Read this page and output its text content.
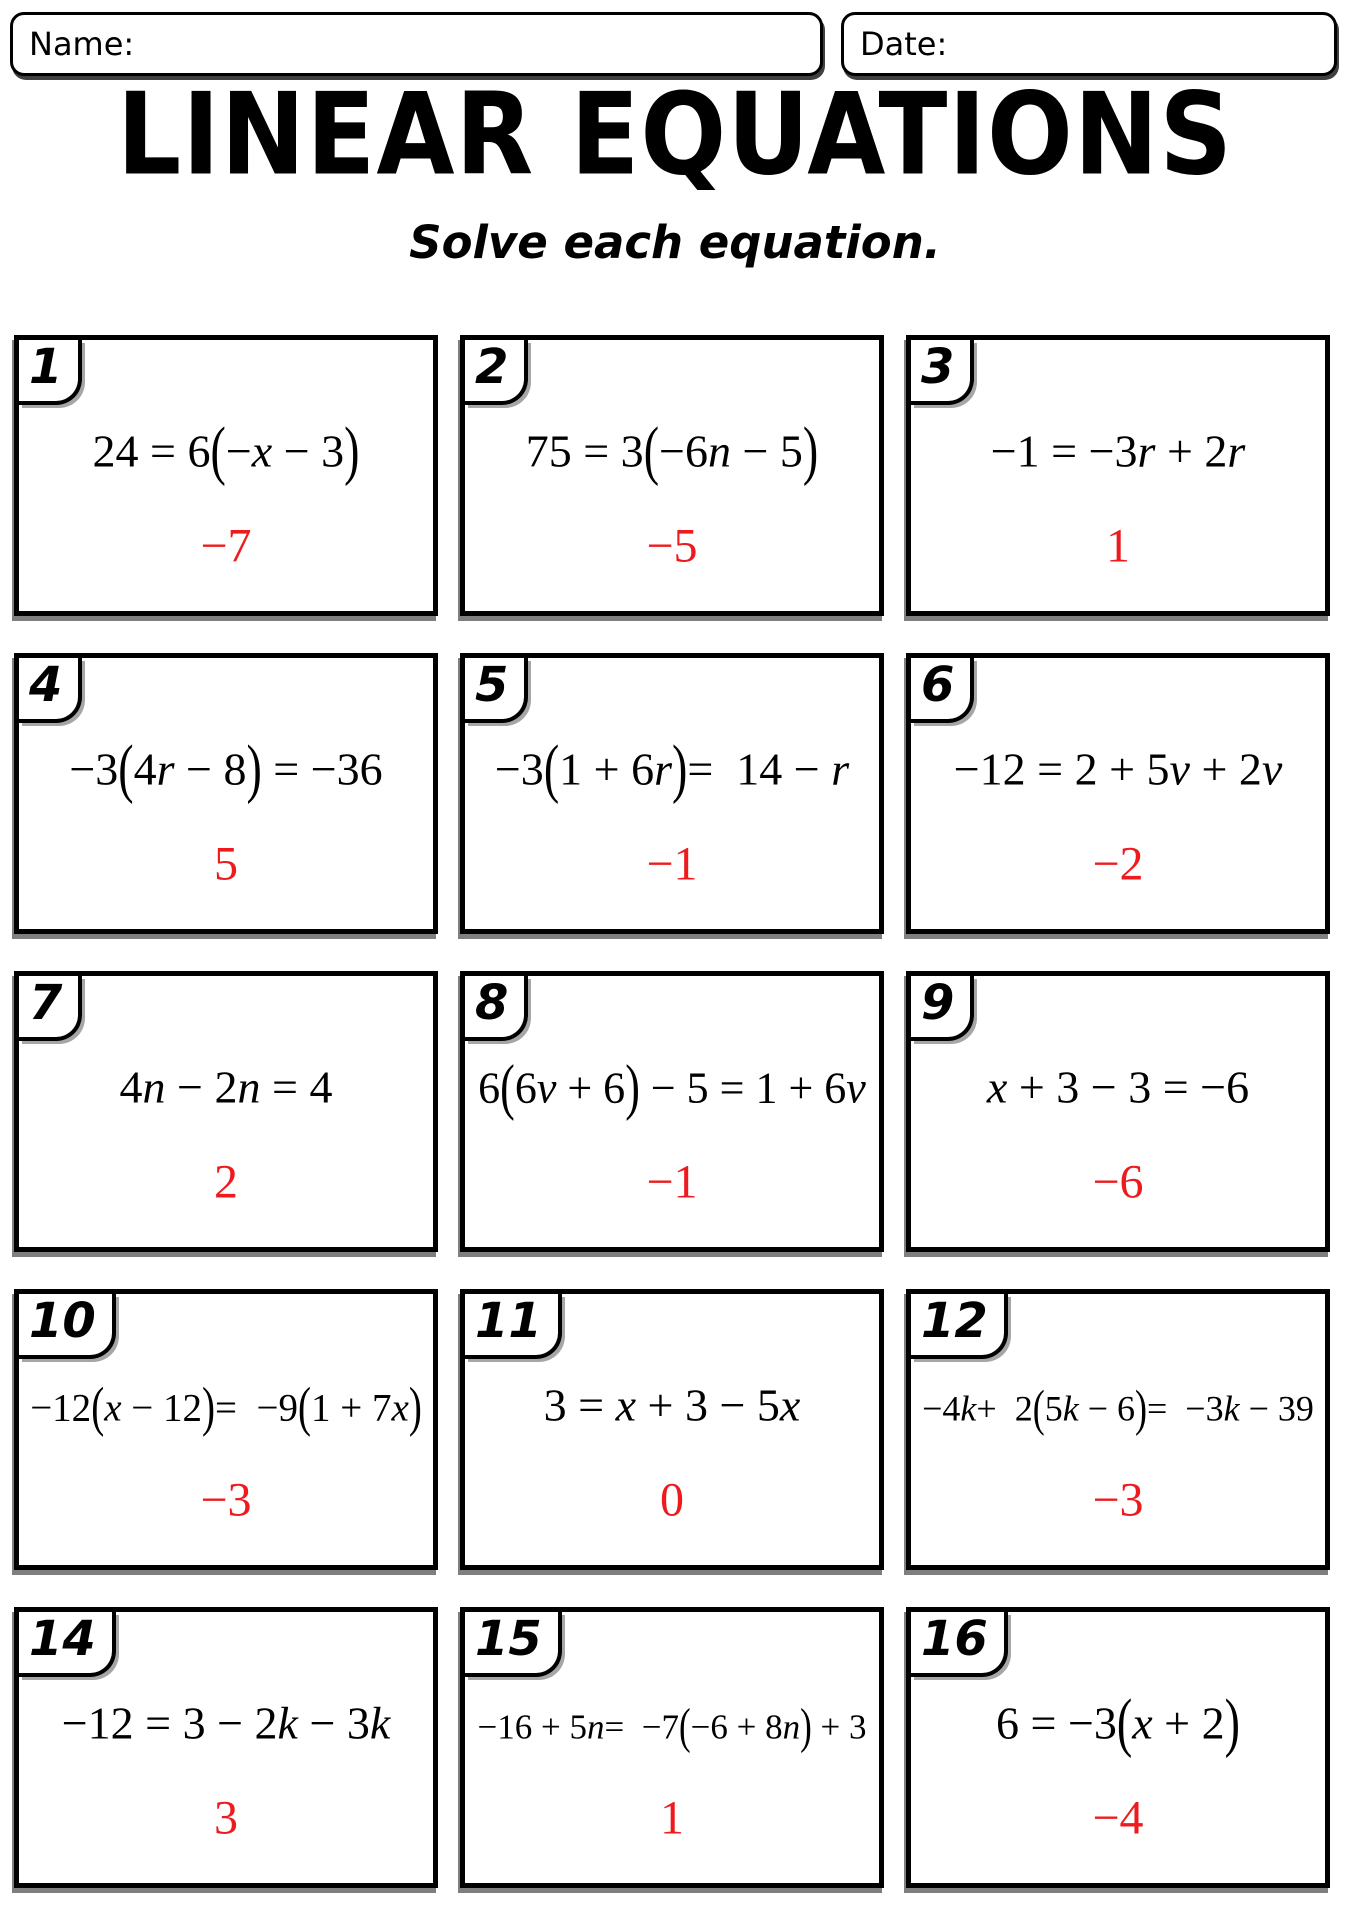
Name:	Date:
LINEAR EQUATIONS
Solve each equation.
1
24 = 6(−x − 3)
−7
2
75 = 3(−6n − 5)
−5
3
−1 = −3r + 2r
1
4
−3(4r − 8) = −36
5
5
−3(1 + 6r)=  14 − r
−1
6
−12 = 2 + 5v + 2v
−2
7
4n − 2n = 4
2
8
6(6v + 6) − 5 = 1 + 6v
−1
9
x + 3 − 3 = −6
−6
10
−12(x − 12)=  −9(1 + 7x)
−3
11
3 = x + 3 − 5x
0
12
−4k+  2(5k − 6)=  −3k − 39
−3
14
−12 = 3 − 2k − 3k
3
15
−16 + 5n=  −7(−6 + 8n) + 3
1
16
6 = −3(x + 2)
−4
